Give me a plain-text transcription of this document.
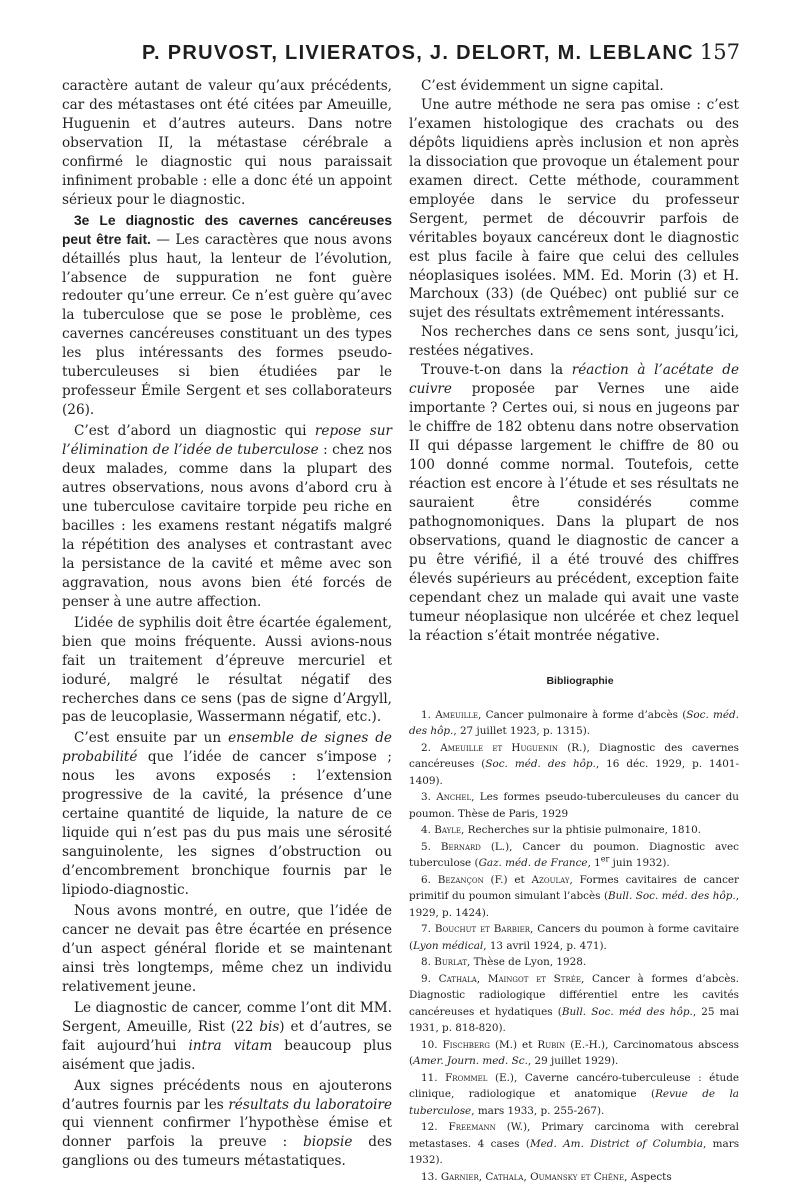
P. PRUVOST, LIVIERATOS, J. DELORT, M. LEBLANC 157

caractère autant de valeur qu’aux précédents, car des métastases ont été citées par Ameuille, Huguenin et d’autres auteurs. Dans notre observation II, la métastase cérébrale a confirmé le diagnostic qui nous paraissait infiniment probable : elle a donc été un appoint sérieux pour le diagnostic.

3e Le diagnostic des cavernes cancéreuses peut être fait. — Les caractères que nous avons détaillés plus haut, la lenteur de l’évolution, l’absence de suppuration ne font guère redouter qu’une erreur. Ce n’est guère qu’avec la tuberculose que se pose le problème, ces cavernes cancéreuses constituant un des types les plus intéressants des formes pseudo-tuberculeuses si bien étudiées par le professeur Émile Sergent et ses collaborateurs (26).

C’est d’abord un diagnostic qui repose sur l’élimination de l’idée de tuberculose : chez nos deux malades, comme dans la plupart des autres observations, nous avons d’abord cru à une tuberculose cavitaire torpide peu riche en bacilles : les examens restant négatifs malgré la répétition des analyses et contrastant avec la persistance de la cavité et même avec son aggravation, nous avons bien été forcés de penser à une autre affection.

L’idée de syphilis doit être écartée également, bien que moins fréquente. Aussi avions-nous fait un traitement d’épreuve mercuriel et ioduré, malgré le résultat négatif des recherches dans ce sens (pas de signe d’Argyll, pas de leucoplasie, Wassermann négatif, etc.).

C’est ensuite par un ensemble de signes de probabilité que l’idée de cancer s’impose ; nous les avons exposés : l’extension progressive de la cavité, la présence d’une certaine quantité de liquide, la nature de ce liquide qui n’est pas du pus mais une sérosité sanguinolente, les signes d’obstruction ou d’encombrement bronchique fournis par le lipiodo-diagnostic.

Nous avons montré, en outre, que l’idée de cancer ne devait pas être écartée en présence d’un aspect général floride et se maintenant ainsi très longtemps, même chez un individu relativement jeune.

Le diagnostic de cancer, comme l’ont dit MM. Sergent, Ameuille, Rist (22 bis) et d’autres, se fait aujourd’hui intra vitam beaucoup plus aisément que jadis.

Aux signes précédents nous en ajouterons d’autres fournis par les résultats du laboratoire qui viennent confirmer l’hypothèse émise et donner parfois la preuve : biopsie des ganglions ou des tumeurs métastatiques.

C’est évidemment un signe capital.

Une autre méthode ne sera pas omise : c’est l’examen histologique des crachats ou des dépôts liquidiens après inclusion et non après la dissociation que provoque un étalement pour examen direct. Cette méthode, couramment employée dans le service du professeur Sergent, permet de découvrir parfois de véritables boyaux cancéreux dont le diagnostic est plus facile à faire que celui des cellules néoplasiques isolées. MM. Ed. Morin (3) et H. Marchoux (33) (de Québec) ont publié sur ce sujet des résultats extrêmement intéressants.

Nos recherches dans ce sens sont, jusqu’ici, restées négatives.

Trouve-t-on dans la réaction à l’acétate de cuivre proposée par Vernes une aide importante ? Certes oui, si nous en jugeons par le chiffre de 182 obtenu dans notre observation II qui dépasse largement le chiffre de 80 ou 100 donné comme normal. Toutefois, cette réaction est encore à l’étude et ses résultats ne sauraient être considérés comme pathognomoniques. Dans la plupart de nos observations, quand le diagnostic de cancer a pu être vérifié, il a été trouvé des chiffres élevés supérieurs au précédent, exception faite cependant chez un malade qui avait une vaste tumeur néoplasique non ulcérée et chez lequel la réaction s’était montrée négative.

Bibliographie

1. Ameuille, Cancer pulmonaire à forme d’abcès (Soc. méd. des hôp., 27 juillet 1923, p. 1315).

2. Ameuille et Huguenin (R.), Diagnostic des cavernes cancéreuses (Soc. méd. des hôp., 16 déc. 1929, p. 1401-1409).

3. Anchel, Les formes pseudo-tuberculeuses du cancer du poumon. Thèse de Paris, 1929

4. Bayle, Recherches sur la phtisie pulmonaire, 1810.

5. Bernard (L.), Cancer du poumon. Diagnostic avec tuberculose (Gaz. méd. de France, 1er juin 1932).

6. Bezançon (F.) et Azoulay, Formes cavitaires de cancer primitif du poumon simulant l’abcès (Bull. Soc. méd. des hôp., 1929, p. 1424).

7. Bouchut et Barbier, Cancers du poumon à forme cavitaire (Lyon médical, 13 avril 1924, p. 471).

8. Burlat, Thèse de Lyon, 1928.

9. Cathala, Maingot et Strée, Cancer à formes d’abcès. Diagnostic radiologique différentiel entre les cavités cancéreuses et hydatiques (Bull. Soc. méd des hôp., 25 mai 1931, p. 818-820).

10. Fischberg (M.) et Rubin (E.-H.), Carcinomatous abscess (Amer. Journ. med. Sc., 29 juillet 1929).

11. Frommel (E.), Caverne cancéro-tuberculeuse : étude clinique, radiologique et anatomique (Revue de la tuberculose, mars 1933, p. 255-267).

12. Freemann (W.), Primary carcinoma with cerebral metastases. 4 cases (Med. Am. District of Columbia, mars 1932).

13. Garnier, Cathala, Oumansky et Chêne, Aspects
